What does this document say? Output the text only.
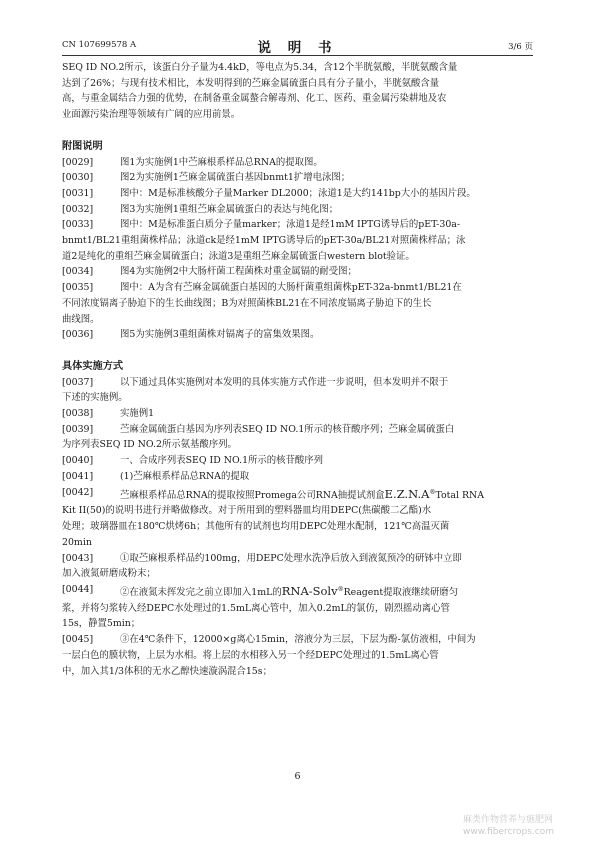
CN 107699578 A	说 明 书	3/6 页

SEQ ID NO.2所示，该蛋白分子量为4.4kD，等电点为5.34，含12个半胱氨酸，半胱氨酸含量

达到了26%；与现有技术相比，本发明得到的苎麻金属硫蛋白具有分子量小，半胱氨酸含量

高，与重金属结合力强的优势，在制备重金属螯合解毒剂、化工、医药、重金属污染耕地及农

业面源污染治理等领域有广阔的应用前景。

附图说明

[0029]	图1为实施例1中苎麻根系样品总RNA的提取图。

[0030]	图2为实施例1苎麻金属硫蛋白基因bnmt1扩增电泳图；

[0031]	图中：M是标准核酸分子量Marker DL2000；泳道1是大约141bp大小的基因片段。

[0032]	图3为实施例1重组苎麻金属硫蛋白的表达与纯化图；

[0033]	图中：M是标准蛋白质分子量marker；泳道1是经1mM IPTG诱导后的pET-30a-

bnmt1/BL21重组菌株样品；泳道ck是经1mM IPTG诱导后的pET-30a/BL21对照菌株样品；泳

道2是纯化的重组苎麻金属硫蛋白；泳道3是重组苎麻金属硫蛋白western blot验证。

[0034]	图4为实施例2中大肠杆菌工程菌株对重金属镉的耐受图；

[0035]	图中：A为含有苎麻金属硫蛋白基因的大肠杆菌重组菌株pET-32a-bnmt1/BL21在

不同浓度镉离子胁迫下的生长曲线图；B为对照菌株BL21在不同浓度镉离子胁迫下的生长

曲线图。

[0036]	图5为实施例3重组菌株对镉离子的富集效果图。

具体实施方式

[0037]	以下通过具体实施例对本发明的具体实施方式作进一步说明，但本发明并不限于

下述的实施例。

[0038]	实施例1

[0039]	苎麻金属硫蛋白基因为序列表SEQ ID NO.1所示的核苷酸序列；苎麻金属硫蛋白

为序列表SEQ ID NO.2所示氨基酸序列。

[0040]	一、合成序列表SEQ ID NO.1所示的核苷酸序列

[0041]	(1)苎麻根系样品总RNA的提取

[0042]	苎麻根系样品总RNA的提取按照Promega公司RNA抽提试剂盒E.Z.N.A®Total RNA

Kit II(50)的说明书进行并略做修改。对于所用到的塑料器皿均用DEPC(焦碳酸二乙酯)水

处理；玻璃器皿在180℃烘烤6h；其他所有的试剂也均用DEPC处理水配制，121℃高温灭菌

20min

[0043]	①取苎麻根系样品约100mg，用DEPC处理水洗净后放入到液氮预冷的研钵中立即

加入液氮研磨成粉末；

[0044]	②在液氮未挥发完之前立即加入1mL的RNA-Solv®Reagent提取液继续研磨匀

浆，并将匀浆转入经DEPC水处理过的1.5mL离心管中，加入0.2mL的氯仿，剧烈摇动离心管

15s，静置5min；

[0045]	③在4℃条件下，12000×g离心15min，溶液分为三层，下层为酚-氯仿液相，中间为

一层白色的膜状物，上层为水相。将上层的水相移入另一个经DEPC处理过的1.5mL离心管

中，加入其1/3体积的无水乙醇快速漩涡混合15s；

6
麻类作物营养与施肥网
www.fibercrops.com
